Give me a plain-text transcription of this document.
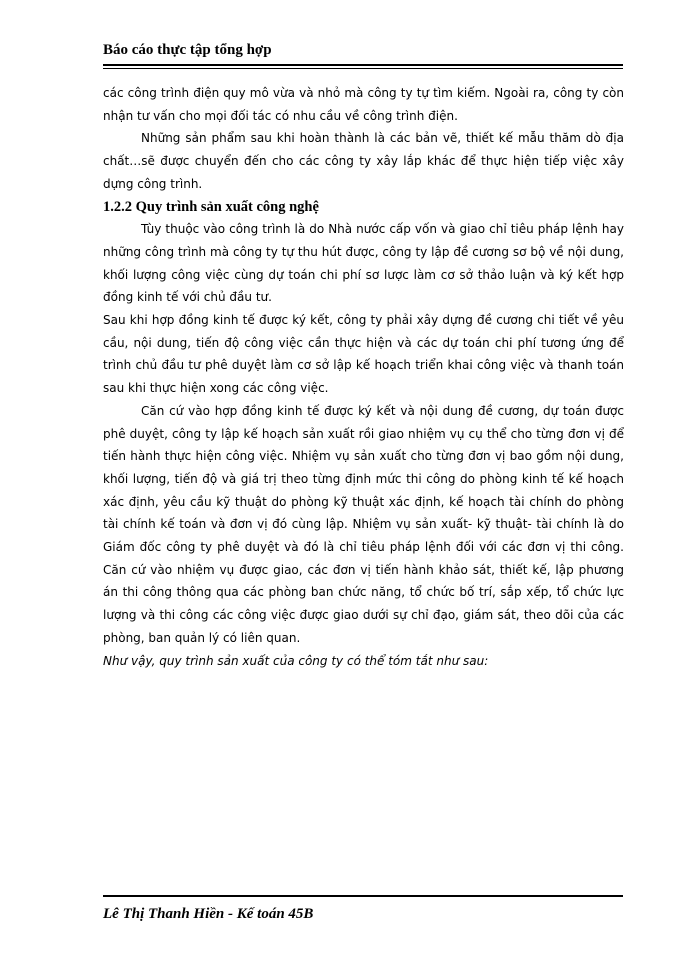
Báo cáo thực tập tổng hợp

các công trình điện quy mô vừa và nhỏ mà công ty tự tìm kiếm. Ngoài ra, công ty còn nhận tư vấn cho mọi đối tác có nhu cầu về công trình điện.

Những sản phẩm sau khi hoàn thành là các bản vẽ, thiết kế mẫu thăm dò địa chất…sẽ được chuyển đến cho các công ty xây lắp khác để thực hiện tiếp việc xây dựng công trình.

1.2.2 Quy trình sản xuất công nghệ

Tùy thuộc vào công trình là do Nhà nước cấp vốn và giao chỉ tiêu pháp lệnh hay những công trình mà công ty tự thu hút được, công ty lập đề cương sơ bộ về nội dung, khối lượng công việc cùng dự toán chi phí sơ lược làm cơ sở thảo luận và ký kết hợp đồng kinh tế với chủ đầu tư.

Sau khi hợp đồng kinh tế được ký kết, công ty phải xây dựng đề cương chi tiết về yêu cầu, nội dung, tiến độ công việc cần thực hiện và các dự toán chi phí tương ứng để trình chủ đầu tư phê duyệt làm cơ sở lập kế hoạch triển khai công việc và thanh toán sau khi thực hiện xong các công việc.

Căn cứ vào hợp đồng kinh tế được ký kết và nội dung đề cương, dự toán được phê duyệt, công ty lập kế hoạch sản xuất rồi giao nhiệm vụ cụ thể cho từng đơn vị để tiến hành thực hiện công việc. Nhiệm vụ sản xuất cho từng đơn vị bao gồm nội dung, khối lượng, tiến độ và giá trị theo từng định mức thi công do phòng kinh tế kế hoạch xác định, yêu cầu kỹ thuật do phòng kỹ thuật xác định, kế hoạch tài chính do phòng tài chính kế toán và đơn vị đó cùng lập. Nhiệm vụ sản xuất- kỹ thuật- tài chính là do Giám đốc công ty phê duyệt và đó là chỉ tiêu pháp lệnh đối với các đơn vị thi công. Căn cứ vào nhiệm vụ được giao, các đơn vị tiến hành khảo sát, thiết kế, lập phương án thi công thông qua các phòng ban chức năng, tổ chức bố trí, sắp xếp, tổ chức lực lượng và thi công các công việc được giao dưới sự chỉ đạo, giám sát, theo dõi của các phòng, ban quản lý có liên quan.

Như vậy, quy trình sản xuất của công ty có thể tóm tắt như sau:

Lê Thị Thanh Hiền - Kế toán 45B
